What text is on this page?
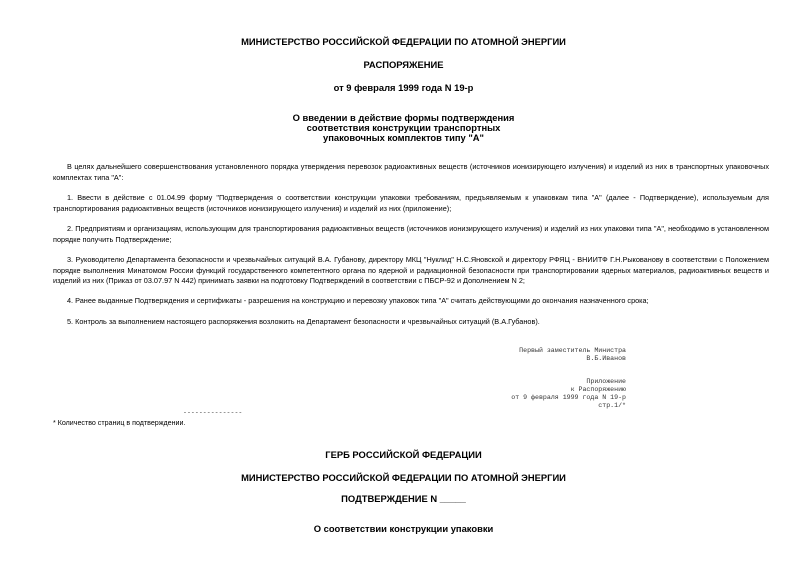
МИНИСТЕРСТВО РОССИЙСКОЙ ФЕДЕРАЦИИ ПО АТОМНОЙ ЭНЕРГИИ
РАСПОРЯЖЕНИЕ
от 9 февраля 1999 года N 19-р
О введении в действие формы подтверждения
соответствия конструкции транспортных
упаковочных комплектов типу "А"
В целях дальнейшего совершенствования установленного порядка утверждения перевозок радиоактивных веществ (источников ионизирующего излучения) и изделий из них в транспортных упаковочных комплектах типа "А":
1. Ввести в действие с 01.04.99 форму "Подтверждения о соответствии конструкции упаковки требованиям, предъявляемым к упаковкам типа "А" (далее - Подтверждение), используемым для транспортирования радиоактивных веществ (источников ионизирующего излучения) и изделий из них (приложение);
2. Предприятиям и организациям, использующим для транспортирования радиоактивных веществ (источников ионизирующего излучения) и изделий из них упаковки типа "А", необходимо в установленном порядке получить Подтверждение;
3. Руководителю Департамента безопасности и чрезвычайных ситуаций В.А. Губанову, директору МКЦ "Нуклид" Н.С.Яновской и директору РФЯЦ - ВНИИТФ Г.Н.Рыкованову в соответствии с Положением порядке выполнения Минатомом России функций государственного компетентного органа по ядерной и радиационной безопасности при транспортировании ядерных материалов, радиоактивных веществ и изделий из них (Приказ от 03.07.97 N 442) принимать заявки на подготовку Подтверждений в соответствии с ПБСР-92 и Дополнением N 2;
4. Ранее выданные Подтверждения и сертификаты - разрешения на конструкцию и перевозку упаковок типа "А" считать действующими до окончания назначенного срока;
5. Контроль за выполнением настоящего распоряжения возложить на Департамент безопасности и чрезвычайных ситуаций (В.А.Губанов).
Первый заместитель Министра
В.Б.Иванов
Приложение
к Распоряжению
от 9 февраля 1999 года N 19-р
стр.1/*
---------------
* Количество страниц в подтверждении.
ГЕРБ РОССИЙСКОЙ ФЕДЕРАЦИИ
МИНИСТЕРСТВО РОССИЙСКОЙ ФЕДЕРАЦИИ ПО АТОМНОЙ ЭНЕРГИИ
ПОДТВЕРЖДЕНИЕ N _____
О соответствии конструкции упаковки
